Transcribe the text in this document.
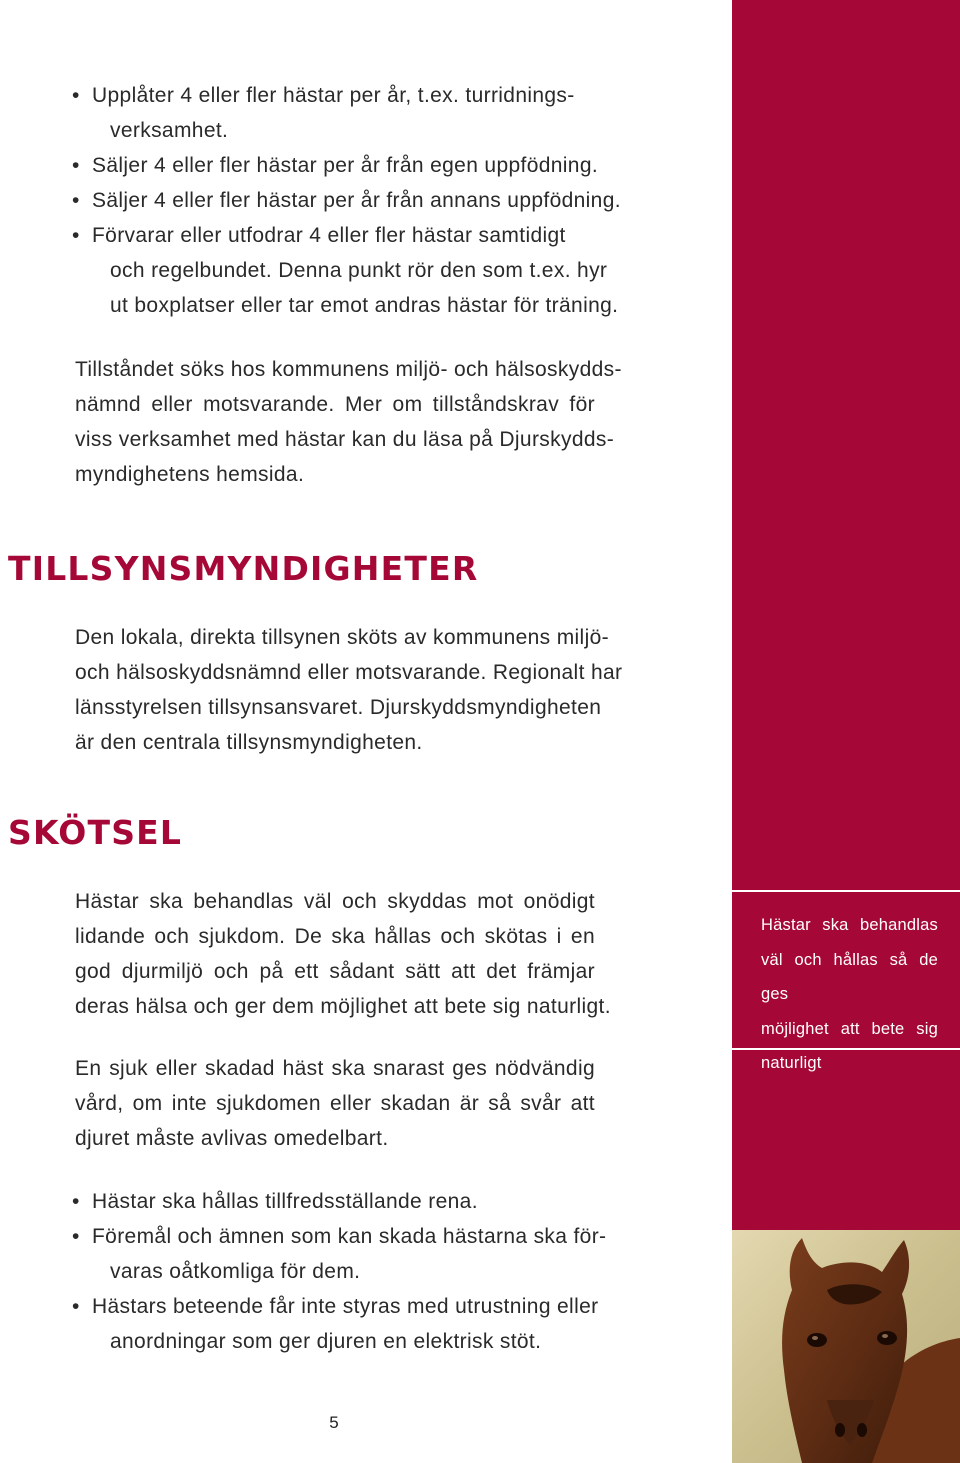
• Upplåter 4 eller fler hästar per år, t.ex. turridnings-
verksamhet.
• Säljer 4 eller fler hästar per år från egen uppfödning.
• Säljer 4 eller fler hästar per år från annans uppfödning.
• Förvarar eller utfodrar 4 eller fler hästar samtidigt
och regelbundet. Denna punkt rör den som t.ex. hyr
ut boxplatser eller tar emot andras hästar för träning.
Tillståndet söks hos kommunens miljö- och hälsoskydds-
nämnd eller motsvarande. Mer om tillståndskrav för
viss verksamhet med hästar kan du läsa på Djurskydds-
myndighetens hemsida.
TILLSYNSMYNDIGHETER
Den lokala, direkta tillsynen sköts av kommunens miljö-
och hälsoskyddsnämnd eller motsvarande. Regionalt har
länsstyrelsen tillsynsansvaret. Djurskyddsmyndigheten
är den centrala tillsynsmyndigheten.
SKÖTSEL
Hästar ska behandlas väl och skyddas mot onödigt
lidande och sjukdom. De ska hållas och skötas i en
god djurmiljö och på ett sådant sätt att det främjar
deras hälsa och ger dem möjlighet att bete sig naturligt.
En sjuk eller skadad häst ska snarast ges nödvändig
vård, om inte sjukdomen eller skadan är så svår att
djuret måste avlivas omedelbart.
• Hästar ska hållas tillfredsställande rena.
• Föremål och ämnen som kan skada hästarna ska för-
varas oåtkomliga för dem.
• Hästars beteende får inte styras med utrustning eller
anordningar som ger djuren en elektrisk stöt.
5
Hästar ska behandlas
väl och hållas så de ges
möjlighet att bete sig
naturligt
